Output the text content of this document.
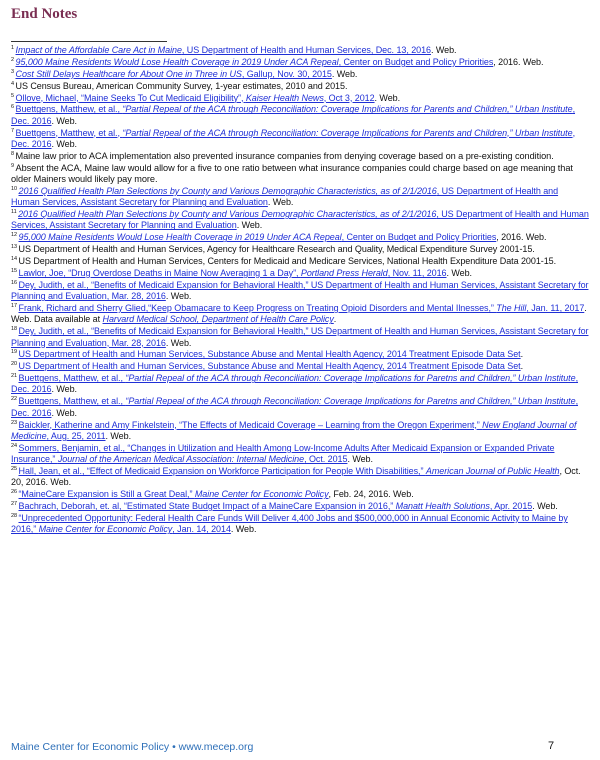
End Notes
$^1$ Impact of the Affordable Care Act in Maine, US Department of Health and Human Services, Dec. 13, 2016. Web.
$^2$ 95,000 Maine Residents Would Lose Health Coverage in 2019 Under ACA Repeal, Center on Budget and Policy Priorities, 2016. Web.
$^3$ Cost Still Delays Healthcare for About One in Three in US, Gallup, Nov. 30, 2015. Web.
$^4$ US Census Bureau, American Community Survey, 1-year estimates, 2010 and 2015.
$^5$ Ollove, Michael, “Maine Seeks To Cut Medicaid Eligibility”, Kaiser Health News, Oct 3, 2012. Web.
$^6$ Buettgens, Matthew, et al., “Partial Repeal of the ACA through Reconciliation: Coverage Implications for Parents and Children,” Urban Institute, Dec. 2016. Web.
$^7$ Buettgens, Matthew, et al., “Partial Repeal of the ACA through Reconciliation: Coverage Implications for Parents and Children,” Urban Institute, Dec. 2016. Web.
$^8$ Maine law prior to ACA implementation also prevented insurance companies from denying coverage based on a pre-existing condition.
$^9$ Absent the ACA, Maine law would allow for a five to one ratio between what insurance companies could charge based on age meaning that older Mainers would likely pay more.
$^{10}$ 2016 Qualified Health Plan Selections by County and Various Demographic Characteristics, as of 2/1/2016, US Department of Health and Human Services, Assistant Secretary for Planning and Evaluation. Web.
$^{11}$ 2016 Qualified Health Plan Selections by County and Various Demographic Characteristics, as of 2/1/2016, US Department of Health and Human Services, Assistant Secretary for Planning and Evaluation. Web.
$^{12}$ 95,000 Maine Residents Would Lose Health Coverage in 2019 Under ACA Repeal, Center on Budget and Policy Priorities, 2016. Web.
$^{13}$ US Department of Health and Human Services, Agency for Healthcare Research and Quality, Medical Expenditure Survey 2001-15.
$^{14}$ US Department of Health and Human Services, Centers for Medicaid and Medicare Services, National Health Expenditure Data 2001-15.
$^{15}$ Lawlor, Joe, “Drug Overdose Deaths in Maine Now Averaging 1 a Day”, Portland Press Herald, Nov. 11, 2016. Web.
$^{16}$ Dey, Judith, et al., “Benefits of Medicaid Expansion for Behavioral Health,” US Department of Health and Human Services, Assistant Secretary for Planning and Evaluation, Mar. 28, 2016. Web.
$^{17}$ Frank, Richard and Sherry Glied,“Keep Obamacare to Keep Progress on Treating Opioid Disorders and Mental Ilnesses,” The Hill, Jan. 11, 2017. Web. Data available at Harvard Medical School, Department of Health Care Policy.
$^{18}$ Dey, Judith, et al., “Benefits of Medicaid Expansion for Behavioral Health,” US Department of Health and Human Services, Assistant Secretary for Planning and Evaluation, Mar. 28, 2016. Web.
$^{19}$ US Department of Health and Human Services, Substance Abuse and Mental Health Agency, 2014 Treatment Episode Data Set.
$^{20}$ US Department of Health and Human Services, Substance Abuse and Mental Health Agency, 2014 Treatment Episode Data Set.
$^{21}$ Buettgens, Matthew, et al., “Partial Repeal of the ACA through Reconciliation: Coverage Implications for Paretns and Children,” Urban Institute, Dec. 2016. Web.
$^{22}$ Buettgens, Matthew, et al., “Partial Repeal of the ACA through Reconciliation: Coverage Implications for Paretns and Children,” Urban Institute, Dec. 2016. Web.
$^{23}$ Baickler, Katherine and Amy Finkelstein, “The Effects of Medicaid Coverage – Learning from the Oregon Experiment,” New England Journal of Medicine, Aug. 25, 2011. Web.
$^{24}$ Sommers, Benjamin, et al., “Changes in Utilization and Health Among Low-Income Adults After Medicaid Expansion or Expanded Private Insurance,” Journal of the American Medical Association: Internal Medicine, Oct. 2015. Web.
$^{25}$ Hall, Jean, et al., “Effect of Medicaid Expansion on Workforce Participation for People With Disabilities,” American Journal of Public Health, Oct. 20, 2016. Web.
$^{26}$ “MaineCare Expansion is Still a Great Deal,” Maine Center for Economic Policy, Feb. 24, 2016. Web.
$^{27}$ Bachrach, Deborah, et. al, “Estimated State Budget Impact of a MaineCare Expansion in 2016,” Manatt Health Solutions, Apr. 2015. Web.
$^{28}$ “Unprecedented Opportunity: Federal Health Care Funds Will Deliver 4,400 Jobs and $500,000,000 in Annual Economic Activity to Maine by 2016,” Maine Center for Economic Policy, Jan. 14, 2014. Web.
Maine Center for Economic Policy • www.mecep.org	7
